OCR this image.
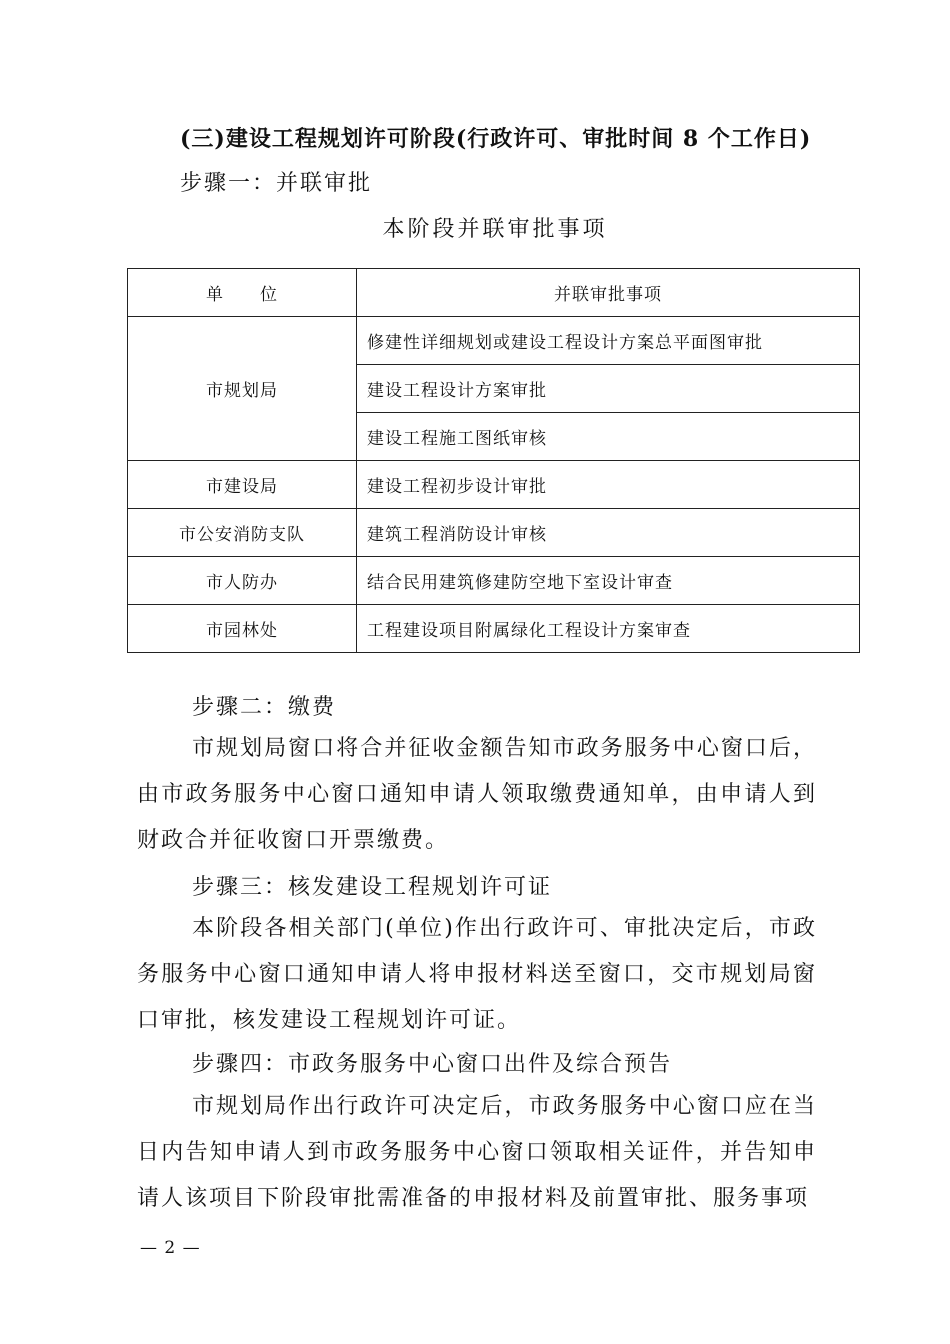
(三)建设工程规划许可阶段(行政许可、审批时间 8 个工作日)
步骤一：并联审批
本阶段并联审批事项
单　　位	并联审批事项
市规划局	修建性详细规划或建设工程设计方案总平面图审批
	建设工程设计方案审批
	建设工程施工图纸审核
市建设局	建设工程初步设计审批
市公安消防支队	建筑工程消防设计审核
市人防办	结合民用建筑修建防空地下室设计审查
市园林处	工程建设项目附属绿化工程设计方案审查
步骤二：缴费
市规划局窗口将合并征收金额告知市政务服务中心窗口后，由市政务服务中心窗口通知申请人领取缴费通知单，由申请人到财政合并征收窗口开票缴费。
步骤三：核发建设工程规划许可证
本阶段各相关部门(单位)作出行政许可、审批决定后，市政务服务中心窗口通知申请人将申报材料送至窗口，交市规划局窗口审批，核发建设工程规划许可证。
步骤四：市政务服务中心窗口出件及综合预告
市规划局作出行政许可决定后，市政务服务中心窗口应在当日内告知申请人到市政务服务中心窗口领取相关证件，并告知申请人该项目下阶段审批需准备的申报材料及前置审批、服务事项
— 2 —
